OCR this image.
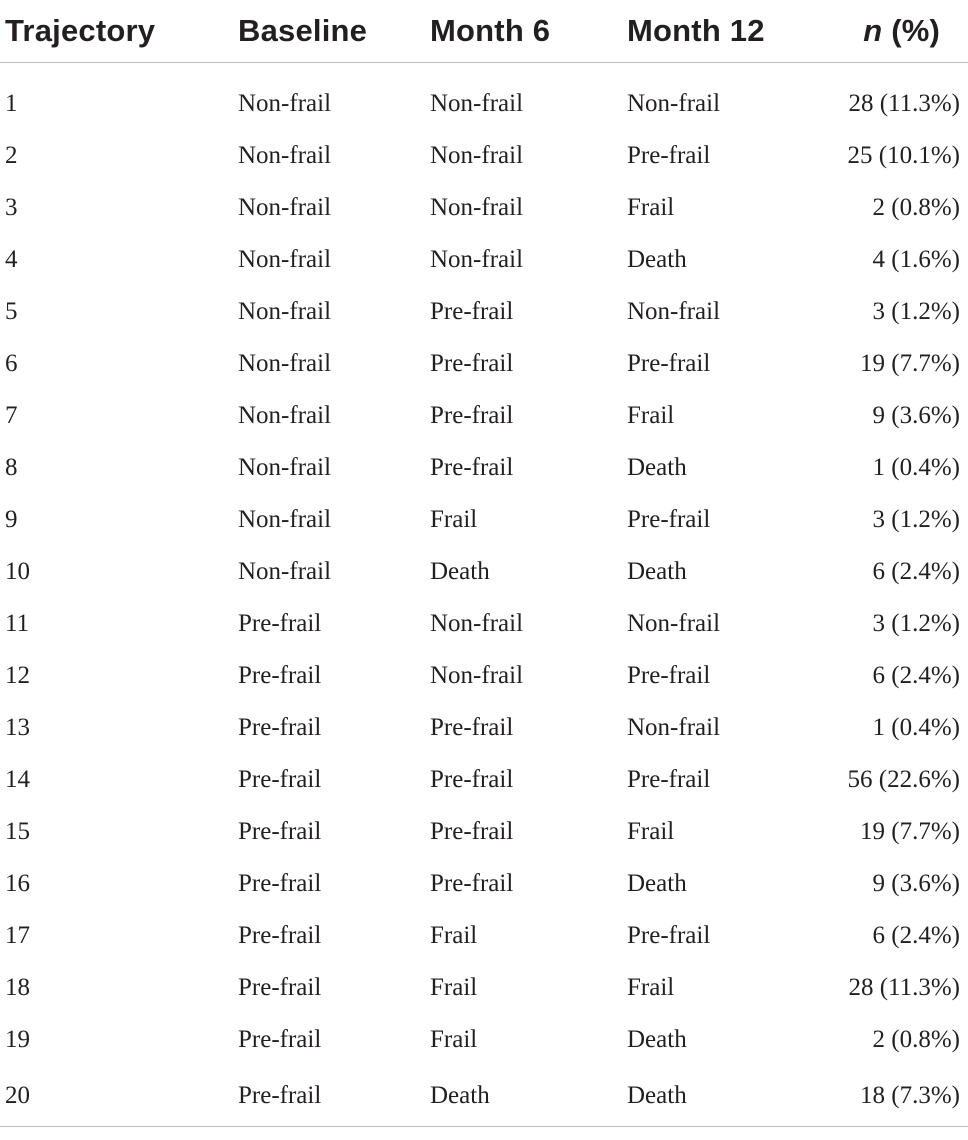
Trajectory	Baseline	Month 6	Month 12	n (%)

1	Non-frail	Non-frail	Non-frail	28 (11.3%)
2	Non-frail	Non-frail	Pre-frail	25 (10.1%)
3	Non-frail	Non-frail	Frail	2 (0.8%)
4	Non-frail	Non-frail	Death	4 (1.6%)
5	Non-frail	Pre-frail	Non-frail	3 (1.2%)
6	Non-frail	Pre-frail	Pre-frail	19 (7.7%)
7	Non-frail	Pre-frail	Frail	9 (3.6%)
8	Non-frail	Pre-frail	Death	1 (0.4%)
9	Non-frail	Frail	Pre-frail	3 (1.2%)
10	Non-frail	Death	Death	6 (2.4%)
11	Pre-frail	Non-frail	Non-frail	3 (1.2%)
12	Pre-frail	Non-frail	Pre-frail	6 (2.4%)
13	Pre-frail	Pre-frail	Non-frail	1 (0.4%)
14	Pre-frail	Pre-frail	Pre-frail	56 (22.6%)
15	Pre-frail	Pre-frail	Frail	19 (7.7%)
16	Pre-frail	Pre-frail	Death	9 (3.6%)
17	Pre-frail	Frail	Pre-frail	6 (2.4%)
18	Pre-frail	Frail	Frail	28 (11.3%)
19	Pre-frail	Frail	Death	2 (0.8%)
20	Pre-frail	Death	Death	18 (7.3%)
